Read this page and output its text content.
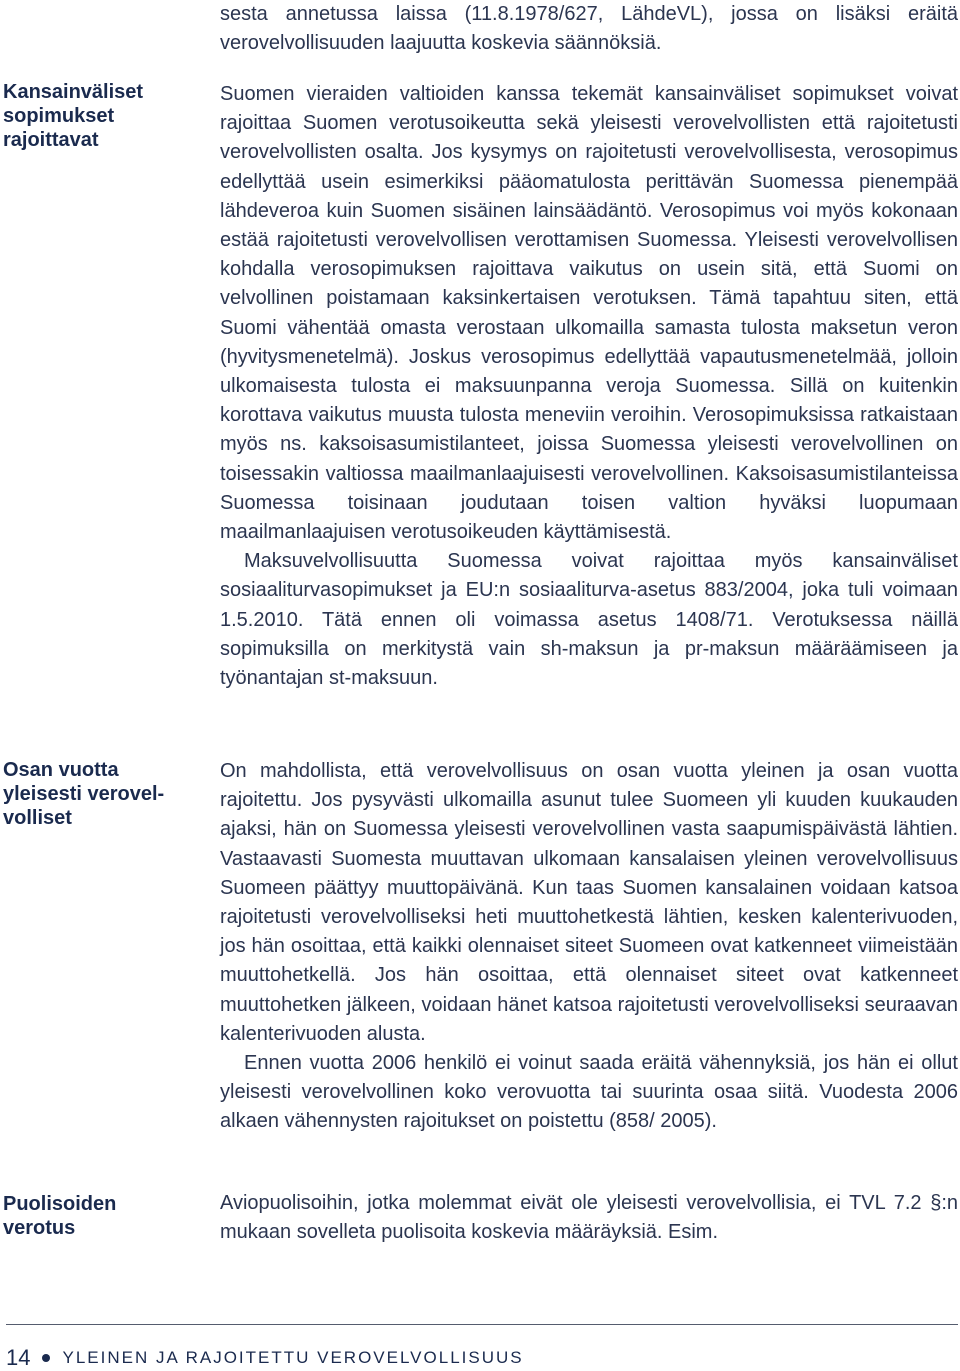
sesta annetussa laissa (11.8.1978/627, LähdeVL), jossa on lisäksi eräitä verovelvollisuuden laajuutta koskevia säännöksiä.

Kansainväliset
sopimukset
rajoittavat

Suomen vieraiden valtioiden kanssa tekemät kansainväliset sopimukset voivat rajoittaa Suomen verotusoikeutta sekä yleisesti verovelvollisten että rajoitetusti verovelvollisten osalta. Jos kysymys on rajoitetusti verovelvollisesta, verosopimus edellyttää usein esimerkiksi pääomatulosta perittävän Suomessa pienempää lähdeveroa kuin Suomen sisäinen lainsäädäntö. Verosopimus voi myös kokonaan estää rajoitetusti verovelvollisen verottamisen Suomessa. Yleisesti verovelvollisen kohdalla verosopimuksen rajoittava vaikutus on usein sitä, että Suomi on velvollinen poistamaan kaksinkertaisen verotuksen. Tämä tapahtuu siten, että Suomi vähentää omasta verostaan ulkomailla samasta tulosta maksetun veron (hyvitysmenetelmä). Joskus verosopimus edellyttää vapautusmenetelmää, jolloin ulkomaisesta tulosta ei maksuunpanna veroja Suomessa. Sillä on kuitenkin korottava vaikutus muusta tulosta meneviin veroihin. Verosopimuksissa ratkaistaan myös ns. kaksoisasumistilanteet, joissa Suomessa yleisesti verovelvollinen on toisessakin valtiossa maailmanlaajuisesti verovelvollinen. Kaksoisasumistilanteissa Suomessa toisinaan joudutaan toisen valtion hyväksi luopumaan maailmanlaajuisen verotusoikeuden käyttämisestä.

Maksuvelvollisuutta Suomessa voivat rajoittaa myös kansainväliset sosiaaliturvasopimukset ja EU:n sosiaaliturva-asetus 883/2004, joka tuli voimaan 1.5.2010. Tätä ennen oli voimassa asetus 1408/71. Verotuksessa näillä sopimuksilla on merkitystä vain sh-maksun ja pr-maksun määräämiseen ja työnantajan st-maksuun.

Osan vuotta
yleisesti verovel-
volliset

On mahdollista, että verovelvollisuus on osan vuotta yleinen ja osan vuotta rajoitettu. Jos pysyvästi ulkomailla asunut tulee Suomeen yli kuuden kuukauden ajaksi, hän on Suomessa yleisesti verovelvollinen vasta saapumispäivästä lähtien. Vastaavasti Suomesta muuttavan ulkomaan kansalaisen yleinen verovelvollisuus Suomeen päättyy muuttopäivänä. Kun taas Suomen kansalainen voidaan katsoa rajoitetusti verovelvolliseksi heti muuttohetkestä lähtien, kesken kalenterivuoden, jos hän osoittaa, että kaikki olennaiset siteet Suomeen ovat katkenneet viimeistään muuttohetkellä. Jos hän osoittaa, että olennaiset siteet ovat katkenneet muuttohetken jälkeen, voidaan hänet katsoa rajoitetusti verovelvolliseksi seuraavan kalenterivuoden alusta.

Ennen vuotta 2006 henkilö ei voinut saada eräitä vähennyksiä, jos hän ei ollut yleisesti verovelvollinen koko verovuotta tai suurinta osaa siitä. Vuodesta 2006 alkaen vähennysten rajoitukset on poistettu (858/ 2005).

Puolisoiden
verotus

Aviopuolisoihin, jotka molemmat eivät ole yleisesti verovelvollisia, ei TVL 7.2 §:n mukaan sovelleta puolisoita koskevia määräyksiä. Esim.

14 YLEINEN JA RAJOITETTU VEROVELVOLLISUUS
